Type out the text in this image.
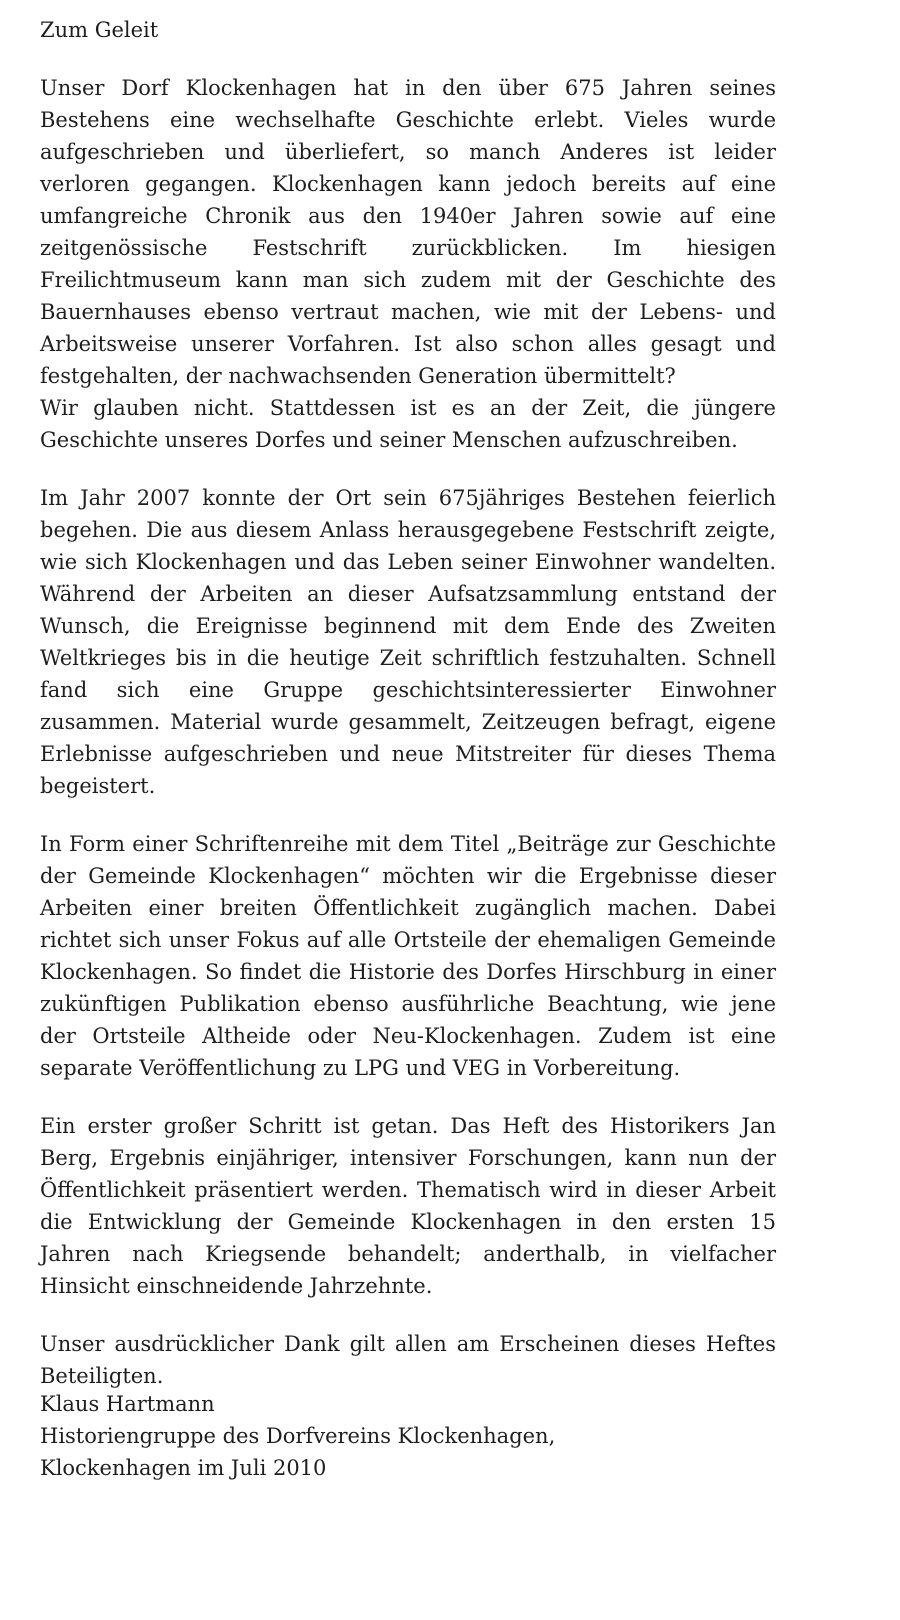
Zum Geleit

Unser Dorf Klockenhagen hat in den über 675 Jahren seines Bestehens eine wechselhafte Geschichte erlebt. Vieles wurde aufgeschrieben und überliefert, so manch Anderes ist leider verloren gegangen. Klockenhagen kann jedoch bereits auf eine umfangreiche Chronik aus den 1940er Jahren sowie auf eine zeitgenössische Festschrift zurückblicken. Im hiesigen Freilichtmuseum kann man sich zudem mit der Geschichte des Bauernhauses ebenso vertraut machen, wie mit der Lebens- und Arbeitsweise unserer Vorfahren. Ist also schon alles gesagt und festgehalten, der nachwachsenden Generation übermittelt?

Wir glauben nicht. Stattdessen ist es an der Zeit, die jüngere Geschichte unseres Dorfes und seiner Menschen aufzuschreiben.

Im Jahr 2007 konnte der Ort sein 675jähriges Bestehen feierlich begehen. Die aus diesem Anlass herausgegebene Festschrift zeigte, wie sich Klockenhagen und das Leben seiner Einwohner wandelten. Während der Arbeiten an dieser Aufsatzsammlung entstand der Wunsch, die Ereignisse beginnend mit dem Ende des Zweiten Weltkrieges bis in die heutige Zeit schriftlich festzuhalten. Schnell fand sich eine Gruppe geschichtsinteressierter Einwohner zusammen. Material wurde gesammelt, Zeitzeugen befragt, eigene Erlebnisse aufgeschrieben und neue Mitstreiter für dieses Thema begeistert.

In Form einer Schriftenreihe mit dem Titel „Beiträge zur Geschichte der Gemeinde Klockenhagen“ möchten wir die Ergebnisse dieser Arbeiten einer breiten Öffentlichkeit zugänglich machen. Dabei richtet sich unser Fokus auf alle Ortsteile der ehemaligen Gemeinde Klockenhagen. So findet die Historie des Dorfes Hirschburg in einer zukünftigen Publikation ebenso ausführliche Beachtung, wie jene der Ortsteile Altheide oder Neu-Klockenhagen. Zudem ist eine separate Veröffentlichung zu LPG und VEG in Vorbereitung.

Ein erster großer Schritt ist getan. Das Heft des Historikers Jan Berg, Ergebnis einjähriger, intensiver Forschungen, kann nun der Öffentlichkeit präsentiert werden. Thematisch wird in dieser Arbeit die Entwicklung der Gemeinde Klockenhagen in den ersten 15 Jahren nach Kriegsende behandelt; anderthalb, in vielfacher Hinsicht einschneidende Jahrzehnte.

Unser ausdrücklicher Dank gilt allen am Erscheinen dieses Heftes Beteiligten.

Klaus Hartmann

Historiengruppe des Dorfvereins Klockenhagen,

Klockenhagen im Juli 2010
